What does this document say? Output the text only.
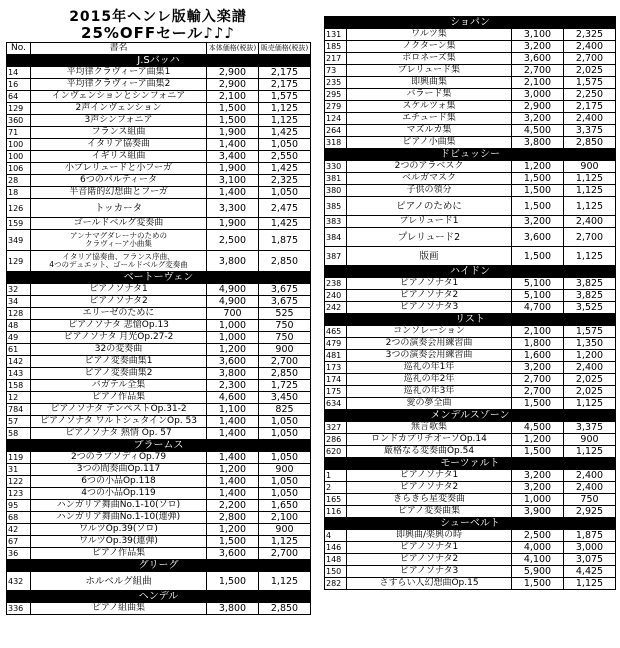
2015年ヘンレ版輸入楽譜
25%OFFセール♪♪♪
No.	書名	本体価格(税抜)	販売価格(税抜)
J.Sバッハ			
14	平均律クラヴィーア曲集1	2,900	2,175
16	平均律クラヴィーア曲集2	2,900	2,175
64	インヴェンションとシンフォニア	2,100	1,575
129	2声インヴェンション	1,500	1,125
360	3声シンフォニア	1,500	1,125
71	フランス組曲	1,900	1,425
100	イタリア協奏曲	1,400	1,050
100	イギリス組曲	3,400	2,550
106	小プレリュードと小フーガ	1,900	1,425
28	6つのパルティータ	3,100	2,325
18	半音階的幻想曲とフーガ	1,400	1,050
126	トッカータ	3,300	2,475
159	ゴールドベルグ変奏曲	1,900	1,425
349	アンナマグダレーナのための
クラヴィーア小曲集	2,500	1,875
129	イタリア協奏曲、フランス序曲、
4つのデュエット、ゴールドベルグ変奏曲	3,800	2,850
ベートーヴェン			
32	ピアノソナタ1	4,900	3,675
34	ピアノソナタ2	4,900	3,675
128	エリーゼのために	700	525
48	ピアノソナタ 悲愴Op.13	1,000	750
49	ピアノソナタ 月光Op.27-2	1,000	750
61	32の変奏曲	1,200	900
142	ピアノ変奏曲集1	3,600	2,700
143	ピアノ変奏曲集2	3,800	2,850
158	バガテル全集	2,300	1,725
12	ピアノ作品集	4,600	3,450
784	ピアノソナタ テンペストOp.31-2	1,100	825
57	ピアノソナタ ワルトシュタインOp. 53	1,400	1,050
58	ピアノソナタ 熱情 Op. 57	1,400	1,050
ブラームス			
119	2つのラプソディOp.79	1,400	1,050
31	3つの間奏曲Op.117	1,200	900
122	6つの小品Op.118	1,400	1,050
123	4つの小品Op.119	1,400	1,050
95	ハンガリア舞曲No.1-10(ソロ)	2,200	1,650
68	ハンガリア舞曲No.1-10(連弾)	2,800	2,100
42	ワルツOp.39(ソロ)	1,200	900
67	ワルツOp.39(連弾)	1,500	1,125
36	ピアノ作品集	3,600	2,700
グリーグ			
432	ホルベルグ組曲	1,500	1,125
ヘンデル			
336	ピアノ組曲集	3,800	2,850
ショパン			
131	ワルツ集	3,100	2,325
185	ノクターン集	3,200	2,400
217	ポロネーズ集	3,600	2,700
73	プレリュード集	2,700	2,025
235	即興曲集	2,100	1,575
295	バラード集	3,000	2,250
279	スケルツォ集	2,900	2,175
124	エチュード集	3,200	2,400
264	マズルカ集	4,500	3,375
318	ピアノ小曲集	3,800	2,850
ドビュッシー			
330	2つのアラベスク	1,200	900
381	ベルガマスク	1,500	1,125
380	子供の領分	1,500	1,125
385	ピアノのために	1,500	1,125
383	プレリュード1	3,200	2,400
384	プレリュード2	3,600	2,700
387	版画	1,500	1,125
ハイドン			
238	ピアノソナタ1	5,100	3,825
240	ピアノソナタ2	5,100	3,825
242	ピアノソナタ3	4,700	3,525
リスト			
465	コンソレーション	2,100	1,575
479	2つの演奏会用練習曲	1,800	1,350
481	3つの演奏会用練習曲	1,600	1,200
173	巡礼の年1年	3,200	2,400
174	巡礼の年2年	2,700	2,025
175	巡礼の年3年	2,700	2,025
634	愛の夢全曲	1,500	1,125
メンデルスゾーン			
327	無言歌集	4,500	3,375
286	ロンドカプリチオーソOp.14	1,200	900
620	厳格なる変奏曲Op.54	1,500	1,125
モーツァルト			
1	ピアノソナタ1	3,200	2,400
2	ピアノソナタ2	3,200	2,400
165	きらきら星変奏曲	1,000	750
116	ピアノ変奏曲集	3,900	2,925
シューベルト			
4	即興曲/楽興の時	2,500	1,875
146	ピアノソナタ1	4,000	3,000
148	ピアノソナタ2	4,100	3,075
150	ピアノソナタ3	5,900	4,425
282	さすらい人幻想曲Op.15	1,500	1,125
